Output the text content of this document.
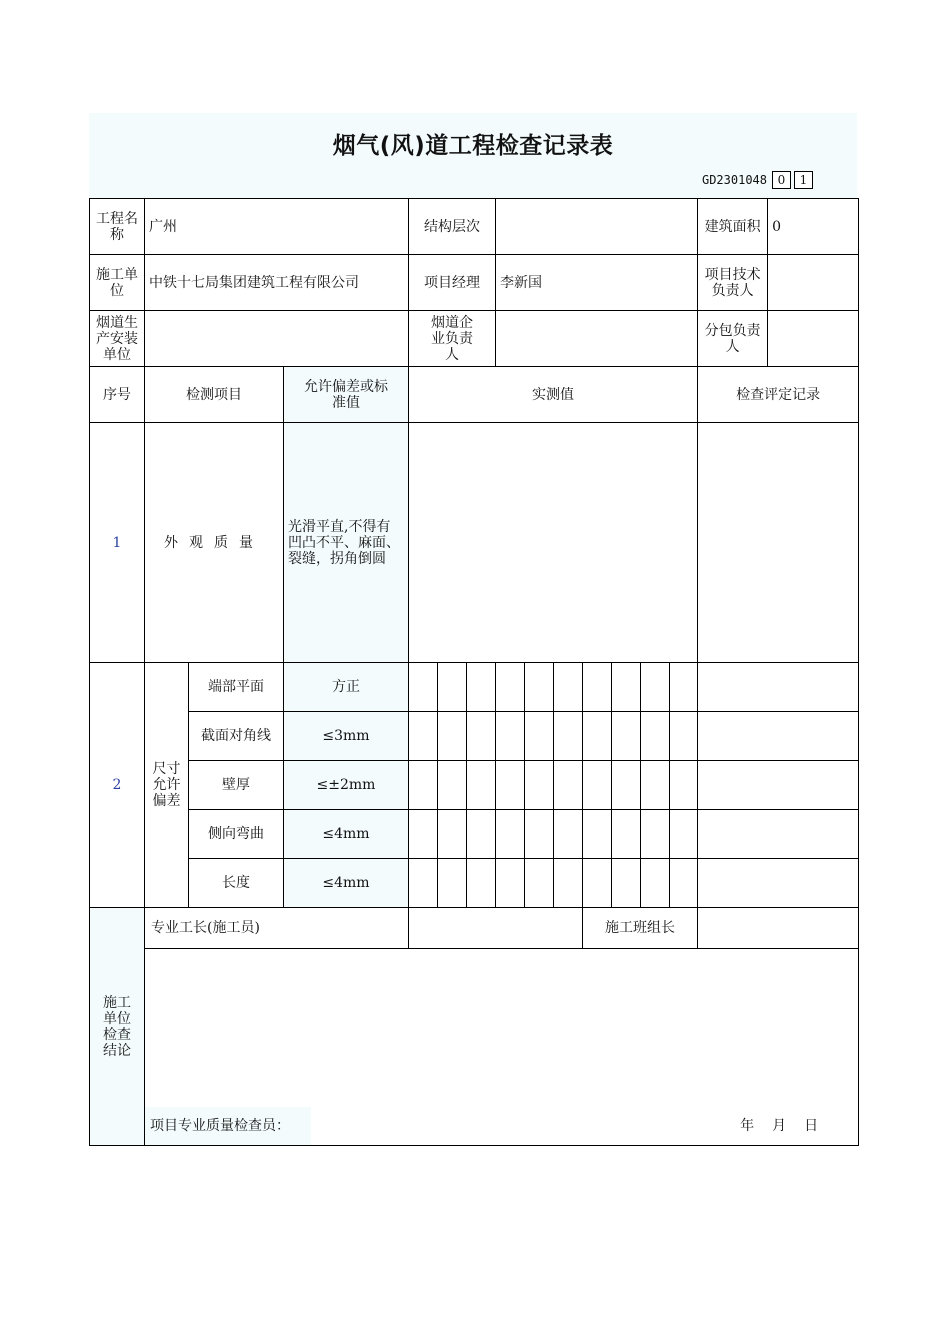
烟气(风)道工程检查记录表
GD2301048 0	1
工程名称	广州			结构层次										建筑面积	0
施工单位	中铁十七局集团建筑工程有限公司			项目经理			李新国							项目技术负责人	
烟道生产安装单位				烟道企业负责人										分包负责人	
序号	检测项目		允许偏差或标准值	实测值										检查评定记录	
1	外观质量		光滑平直,不得有凹凸不平、麻面、裂缝，拐角倒圆												
2	尺寸允许偏差	端部平面	方正												
		截面对角线	≤3mm												
		壁厚	≤±2mm												
		侧向弯曲	≤4mm												
		长度	≤4mm												
施工单位检查结论	专业工长(施工员)									施工班组长					

项目专业质量检查员： 年 月 日														
